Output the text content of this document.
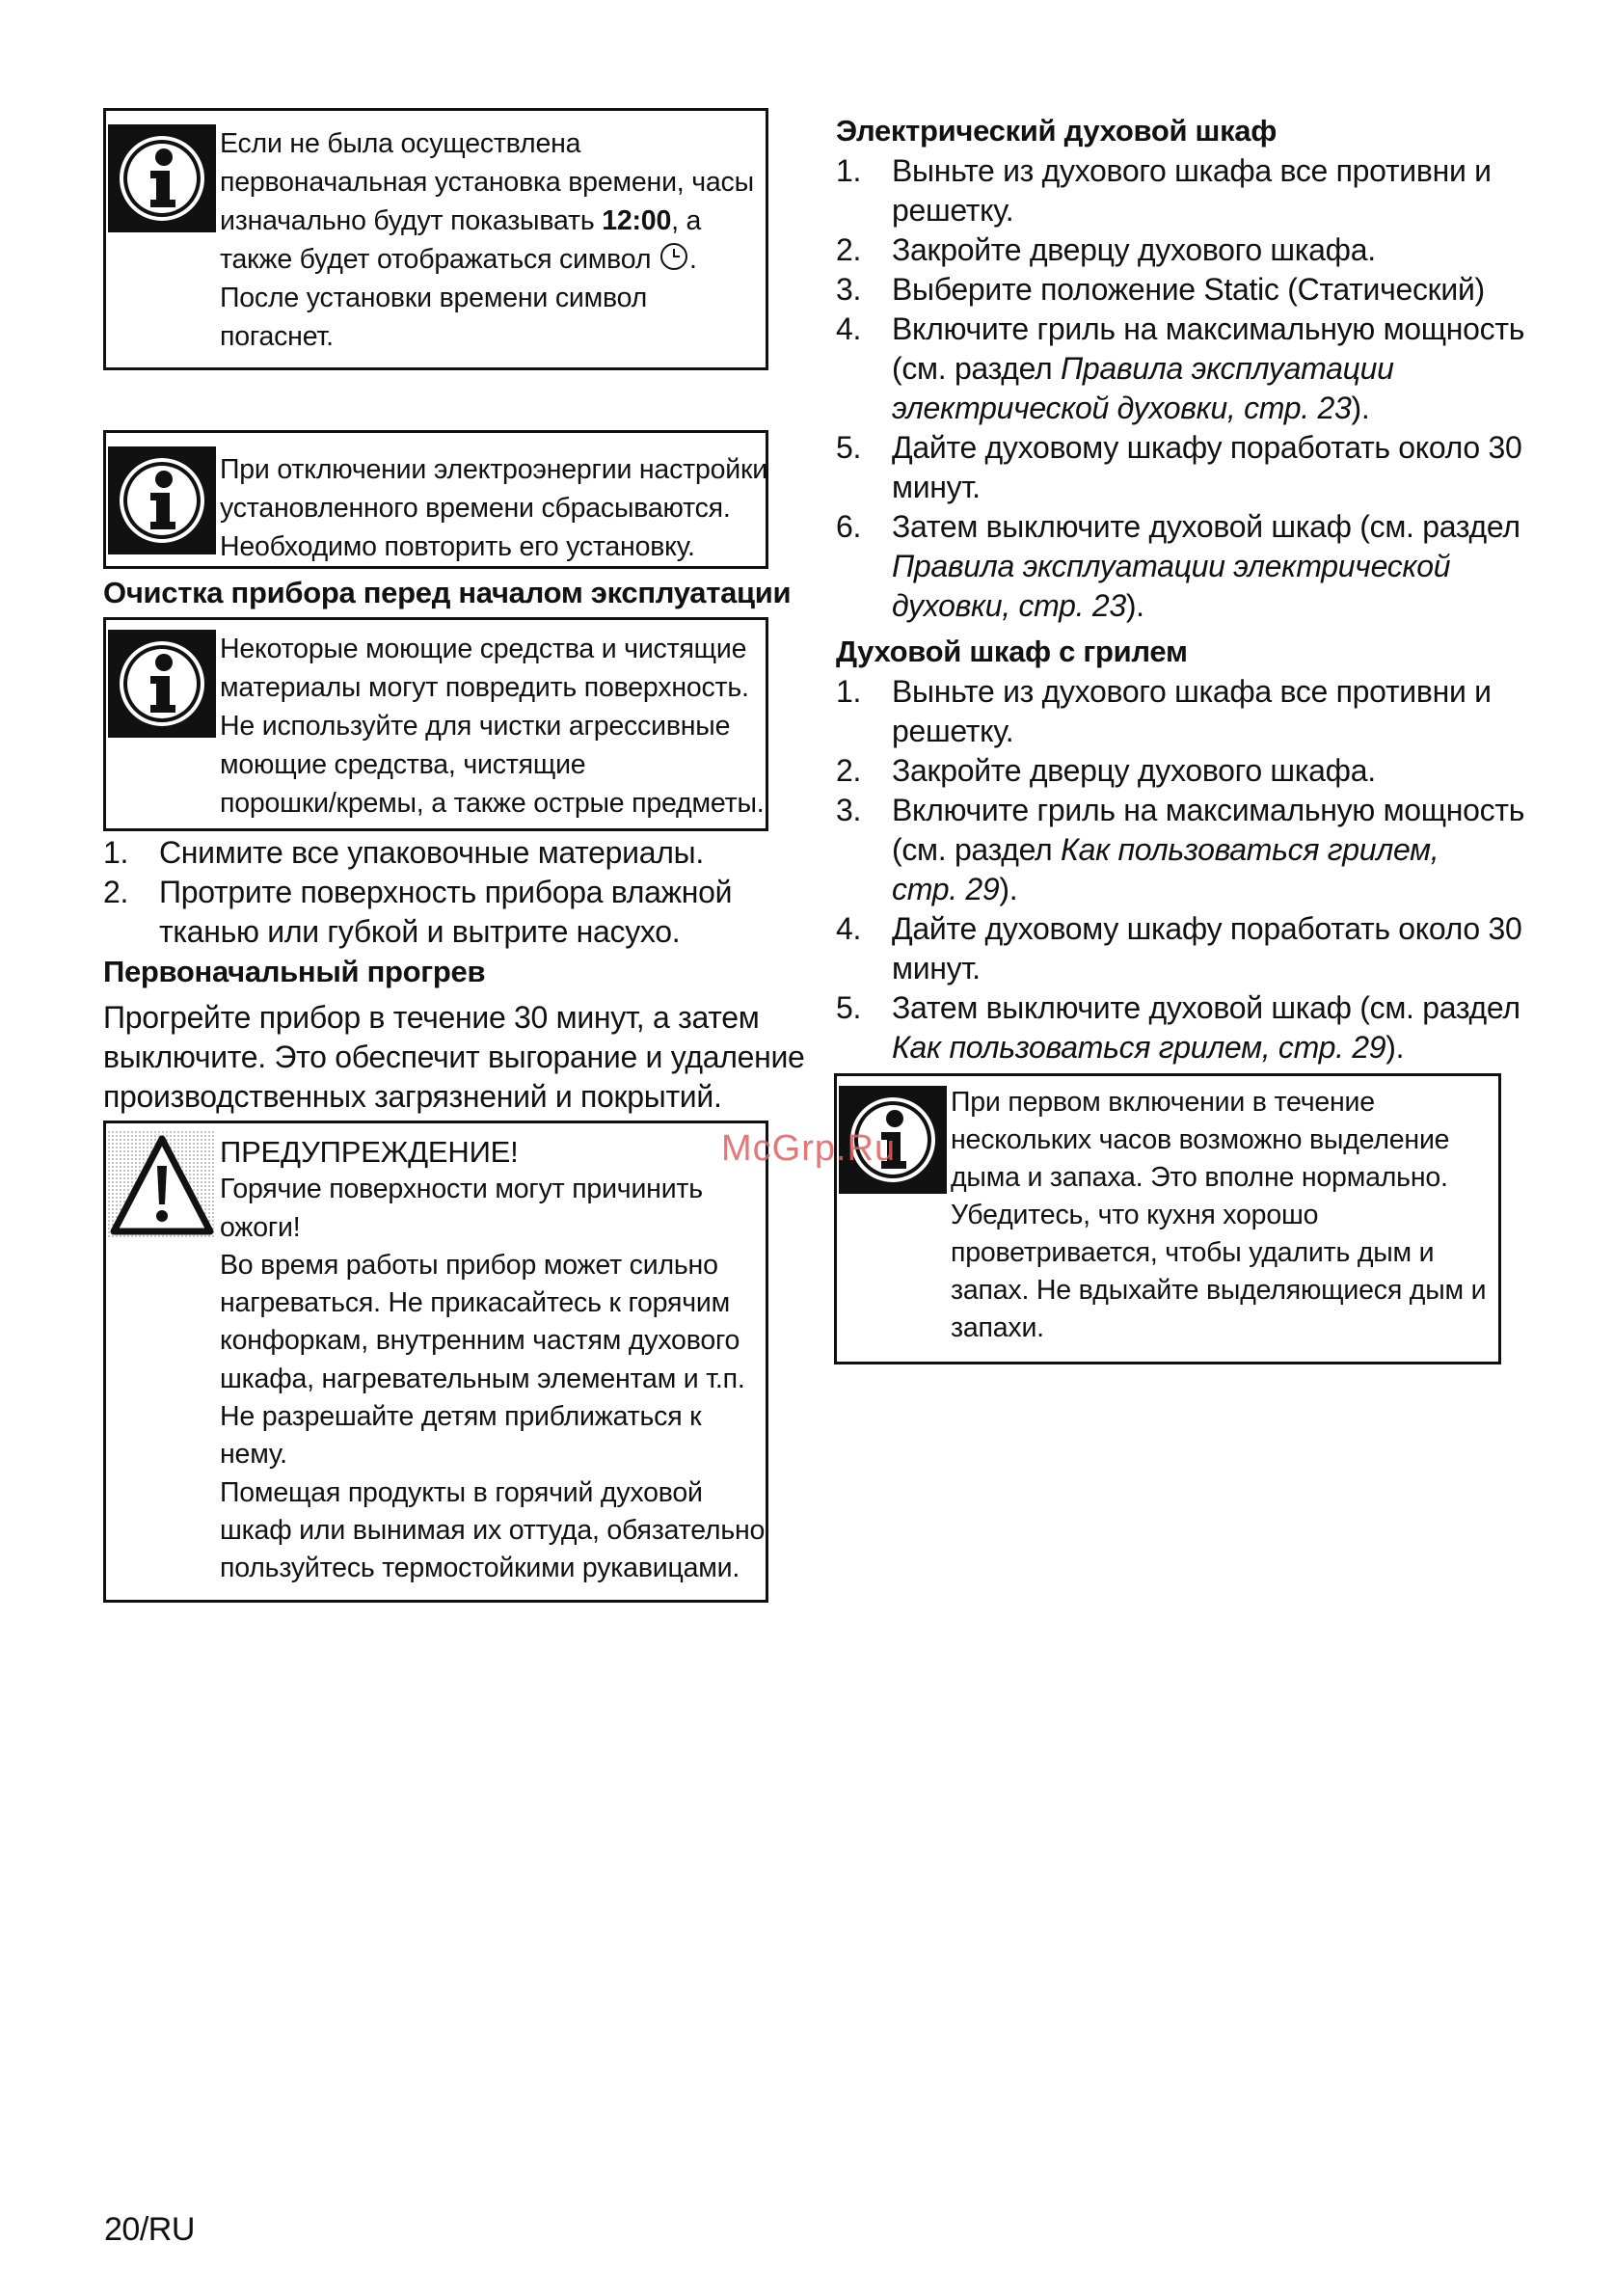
Если не была осуществлена
первоначальная установка времени, часы
изначально будут показывать 12:00, а
также будет отображаться символ .
После установки времени символ
погаснет.
При отключении электроэнергии настройки
установленного времени сбрасываются.
Необходимо повторить его установку.
Очистка прибора перед началом эксплуатации
Некоторые моющие средства и чистящие
материалы могут повредить поверхность.
Не используйте для чистки агрессивные
моющие средства, чистящие
порошки/кремы, а также острые предметы.
1. Снимите все упаковочные материалы.
2. Протрите поверхность прибора влажной
тканью или губкой и вытрите насухо.
Первоначальный прогрев

Прогрейте прибор в течение 30 минут, а затем
выключите. Это обеспечит выгорание и удаление
производственных загрязнений и покрытий.

ПРЕДУПРЕЖДЕНИЕ!
Горячие поверхности могут причинить
ожоги!
Во время работы прибор может сильно
нагреваться. Не прикасайтесь к горячим
конфоркам, внутренним частям духового
шкафа, нагревательным элементам и т.п.
Не разрешайте детям приближаться к
нему.
Помещая продукты в горячий духовой
шкаф или вынимая их оттуда, обязательно
пользуйтесь термостойкими рукавицами.
Электрический духовой шкаф
1. Выньте из духового шкафа все противни и
решетку.
2. Закройте дверцу духового шкафа.
3. Выберите положение Static (Статический)
4. Включите гриль на максимальную мощность
(см. раздел Правила эксплуатации
электрической духовки, стр. 23).
5. Дайте духовому шкафу поработать около 30
минут.
6. Затем выключите духовой шкаф (см. раздел
Правила эксплуатации электрической
духовки, стр. 23).
Духовой шкаф с грилем
1. Выньте из духового шкафа все противни и
решетку.
2. Закройте дверцу духового шкафа.
3. Включите гриль на максимальную мощность
(см. раздел Как пользоваться грилем,
стр. 29).
4. Дайте духовому шкафу поработать около 30
минут.
5. Затем выключите духовой шкаф (см. раздел
Как пользоваться грилем, стр. 29).
При первом включении в течение
нескольких часов возможно выделение
дыма и запаха. Это вполне нормально.
Убедитесь, что кухня хорошо
проветривается, чтобы удалить дым и
запах. Не вдыхайте выделяющиеся дым и
запахи.
McGrp.Ru
20/RU
